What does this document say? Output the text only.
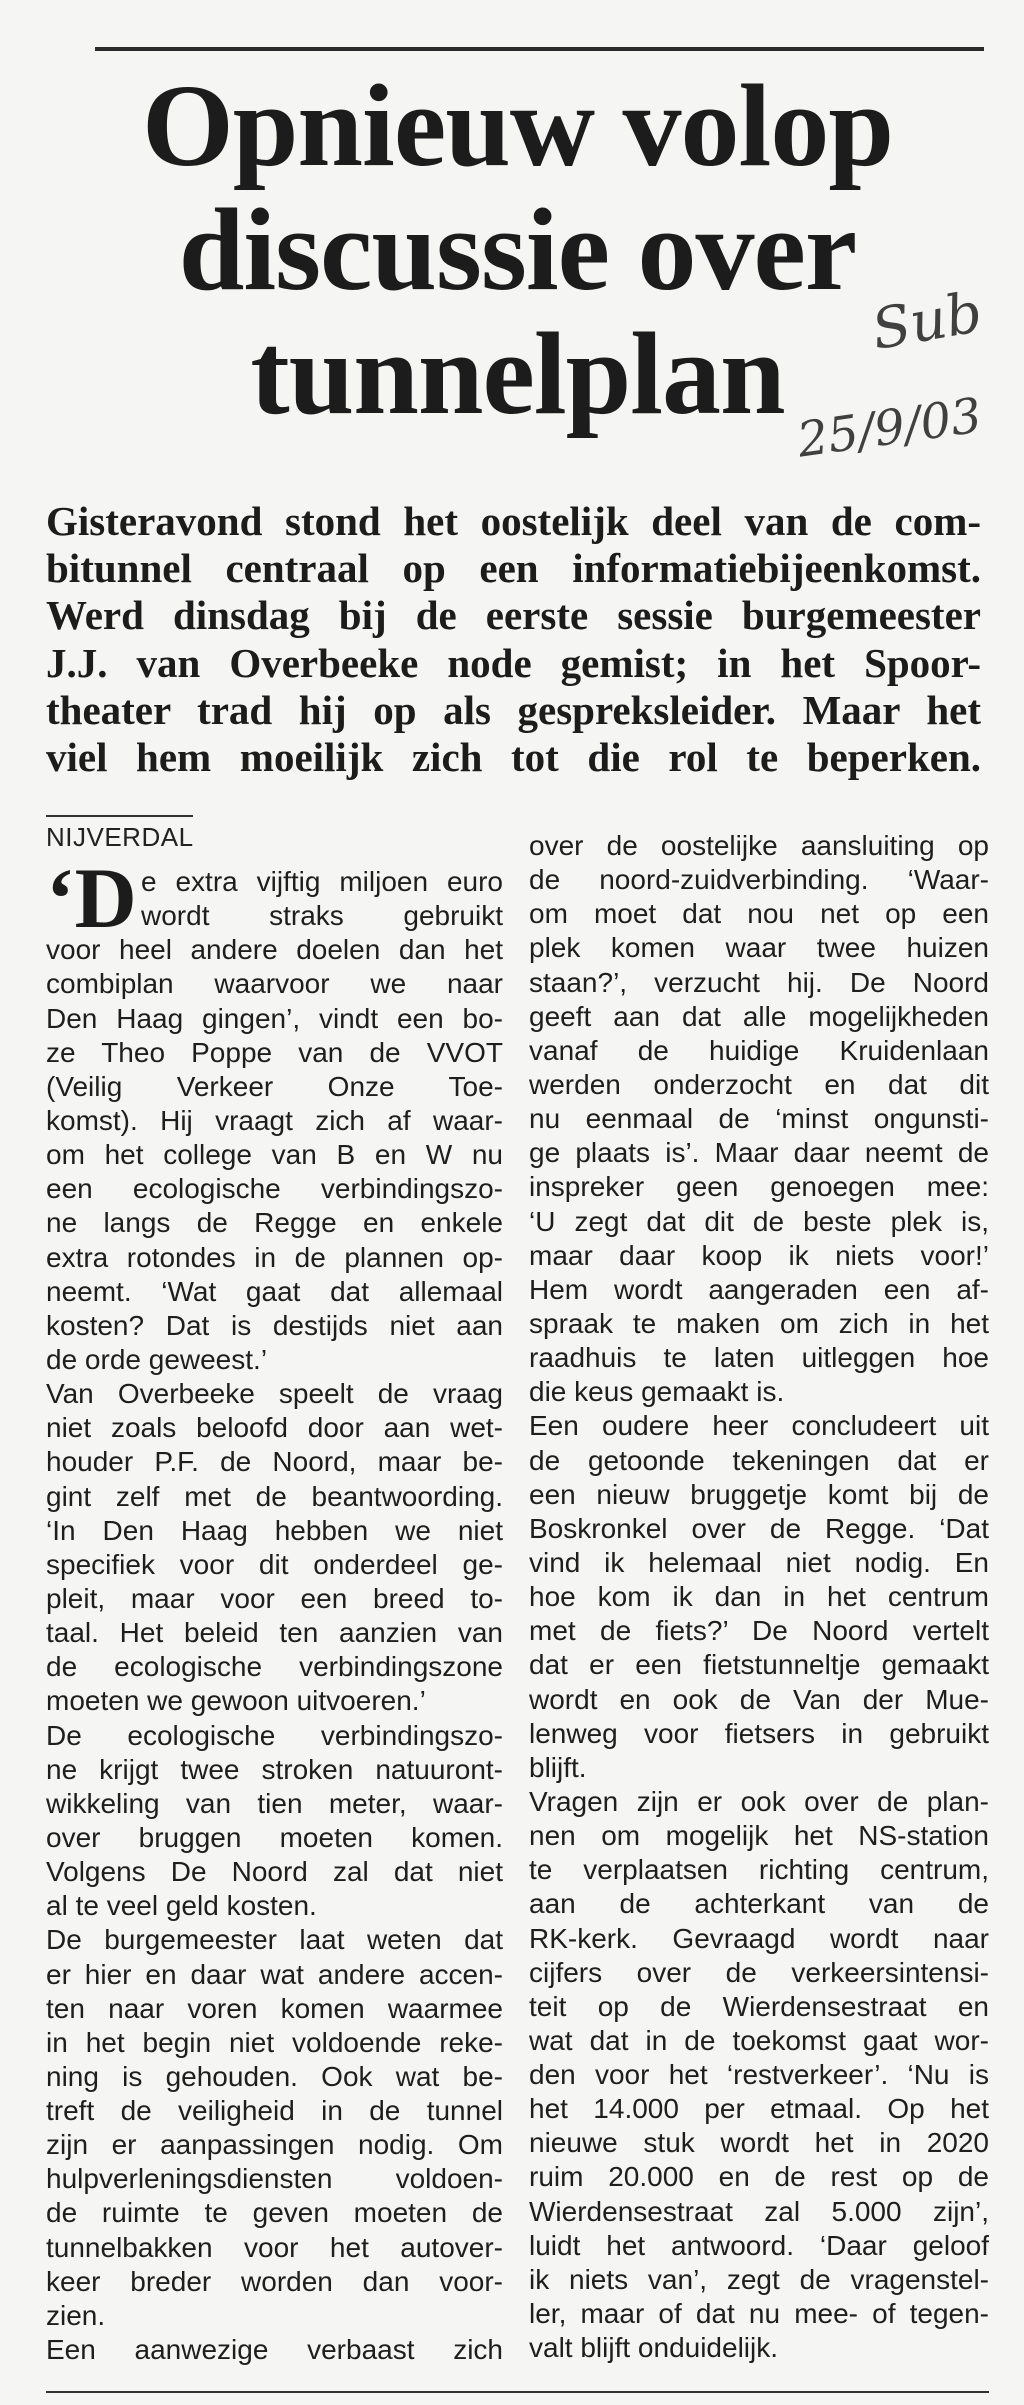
Opnieuw volop
discussie over
tunnelplan	Sub
25/9/03
Gisteravond stond het oostelijk deel van de com-
bitunnel centraal op een informatiebijeenkomst.
Werd dinsdag bij de eerste sessie burgemeester
J.J. van Overbeeke node gemist; in het Spoor-
theater trad hij op als gespreksleider. Maar het
viel hem moeilijk zich tot die rol te beperken.
NIJVERDAL
‘D e extra vijftig miljoen euro
wordt straks gebruikt
voor heel andere doelen dan het
combiplan waarvoor we naar
Den Haag gingen’, vindt een bo-
ze Theo Poppe van de VVOT
(Veilig Verkeer Onze Toe-
komst). Hij vraagt zich af waar-
om het college van B en W nu
een ecologische verbindingszo-
ne langs de Regge en enkele
extra rotondes in de plannen op-
neemt. ‘Wat gaat dat allemaal
kosten? Dat is destijds niet aan
de orde geweest.’
Van Overbeeke speelt de vraag
niet zoals beloofd door aan wet-
houder P.F. de Noord, maar be-
gint zelf met de beantwoording.
‘In Den Haag hebben we niet
specifiek voor dit onderdeel ge-
pleit, maar voor een breed to-
taal. Het beleid ten aanzien van
de ecologische verbindingszone
moeten we gewoon uitvoeren.’
De ecologische verbindingszo-
ne krijgt twee stroken natuuront-
wikkeling van tien meter, waar-
over bruggen moeten komen.
Volgens De Noord zal dat niet
al te veel geld kosten.
De burgemeester laat weten dat
er hier en daar wat andere accen-
ten naar voren komen waarmee
in het begin niet voldoende reke-
ning is gehouden. Ook wat be-
treft de veiligheid in de tunnel
zijn er aanpassingen nodig. Om
hulpverleningsdiensten voldoen-
de ruimte te geven moeten de
tunnelbakken voor het autover-
keer breder worden dan voor-
zien.
Een aanwezige verbaast zich
over de oostelijke aansluiting op
de noord-zuidverbinding. ‘Waar-
om moet dat nou net op een
plek komen waar twee huizen
staan?’, verzucht hij. De Noord
geeft aan dat alle mogelijkheden
vanaf de huidige Kruidenlaan
werden onderzocht en dat dit
nu eenmaal de ‘minst ongunsti-
ge plaats is’. Maar daar neemt de
inspreker geen genoegen mee:
‘U zegt dat dit de beste plek is,
maar daar koop ik niets voor!’
Hem wordt aangeraden een af-
spraak te maken om zich in het
raadhuis te laten uitleggen hoe
die keus gemaakt is.
Een oudere heer concludeert uit
de getoonde tekeningen dat er
een nieuw bruggetje komt bij de
Boskronkel over de Regge. ‘Dat
vind ik helemaal niet nodig. En
hoe kom ik dan in het centrum
met de fiets?’ De Noord vertelt
dat er een fietstunneltje gemaakt
wordt en ook de Van der Mue-
lenweg voor fietsers in gebruikt
blijft.
Vragen zijn er ook over de plan-
nen om mogelijk het NS-station
te verplaatsen richting centrum,
aan de achterkant van de
RK-kerk. Gevraagd wordt naar
cijfers over de verkeersintensi-
teit op de Wierdensestraat en
wat dat in de toekomst gaat wor-
den voor het ‘restverkeer’. ‘Nu is
het 14.000 per etmaal. Op het
nieuwe stuk wordt het in 2020
ruim 20.000 en de rest op de
Wierdensestraat zal 5.000 zijn’,
luidt het antwoord. ‘Daar geloof
ik niets van’, zegt de vragenstel-
ler, maar of dat nu mee- of tegen-
valt blijft onduidelijk.
